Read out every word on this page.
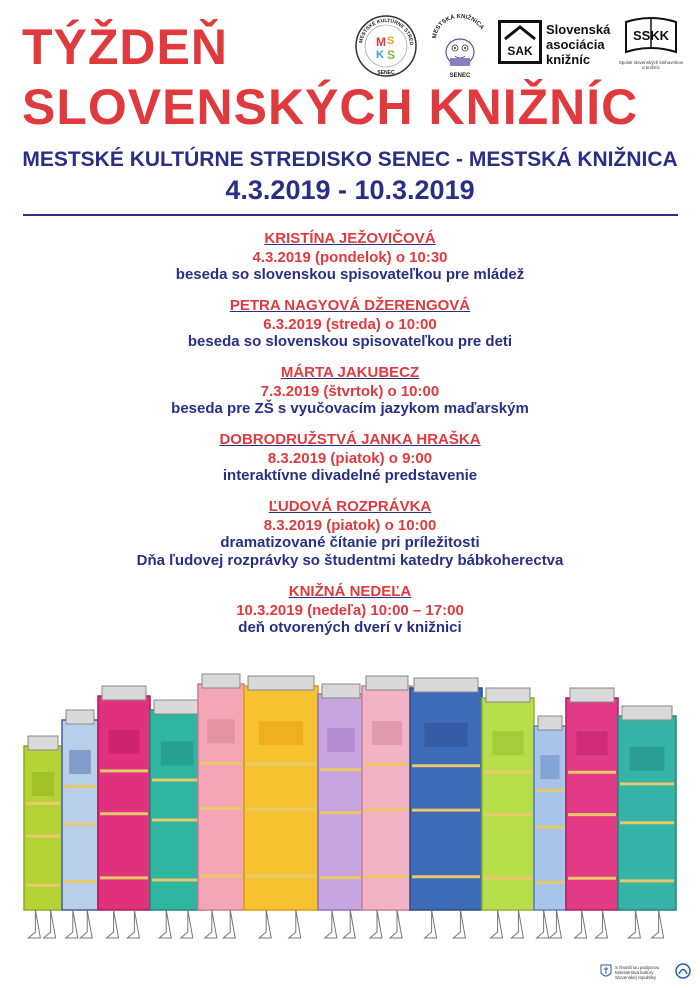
TÝŽDEŇ
SLOVENSKÝCH KNIŽNÍC
MESTSKÉ KULTÚRNE STRED
SENEC
M S
K S
MESTSKÁ KNIŽNICA
SENEC
SAK
Slovenská
asociácia
knižníc
SSKK
Spolok slovenských knihovníkov a knižníc
MESTSKÉ KULTÚRNE STREDISKO SENEC - MESTSKÁ KNIŽNICA

4.3.2019 - 10.3.2019

KRISTÍNA JEŽOVIČOVÁ
4.3.2019 (pondelok) o 10:30
beseda so slovenskou spisovateľkou pre mládež
PETRA NAGYOVÁ DŽERENGOVÁ
6.3.2019 (streda) o 10:00
beseda so slovenskou spisovateľkou pre deti
MÁRTA JAKUBECZ
7.3.2019 (štvrtok) o 10:00
beseda pre ZŠ s vyučovacím jazykom maďarským
DOBRODRUŽSTVÁ JANKA HRAŠKA
8.3.2019 (piatok) o 9:00
interaktívne divadelné predstavenie
ĽUDOVÁ ROZPRÁVKA
8.3.2019 (piatok) o 10:00
dramatizované čítanie pri príležitosti
Dňa ľudovej rozprávky so študentmi katedry bábkoherectva
KNIŽNÁ NEDEĽA
10.3.2019 (nedeľa) 10:00 – 17:00
deň otvorených dverí v knižnici
S finančnou podporou Ministerstva kultúry Slovenskej republiky
